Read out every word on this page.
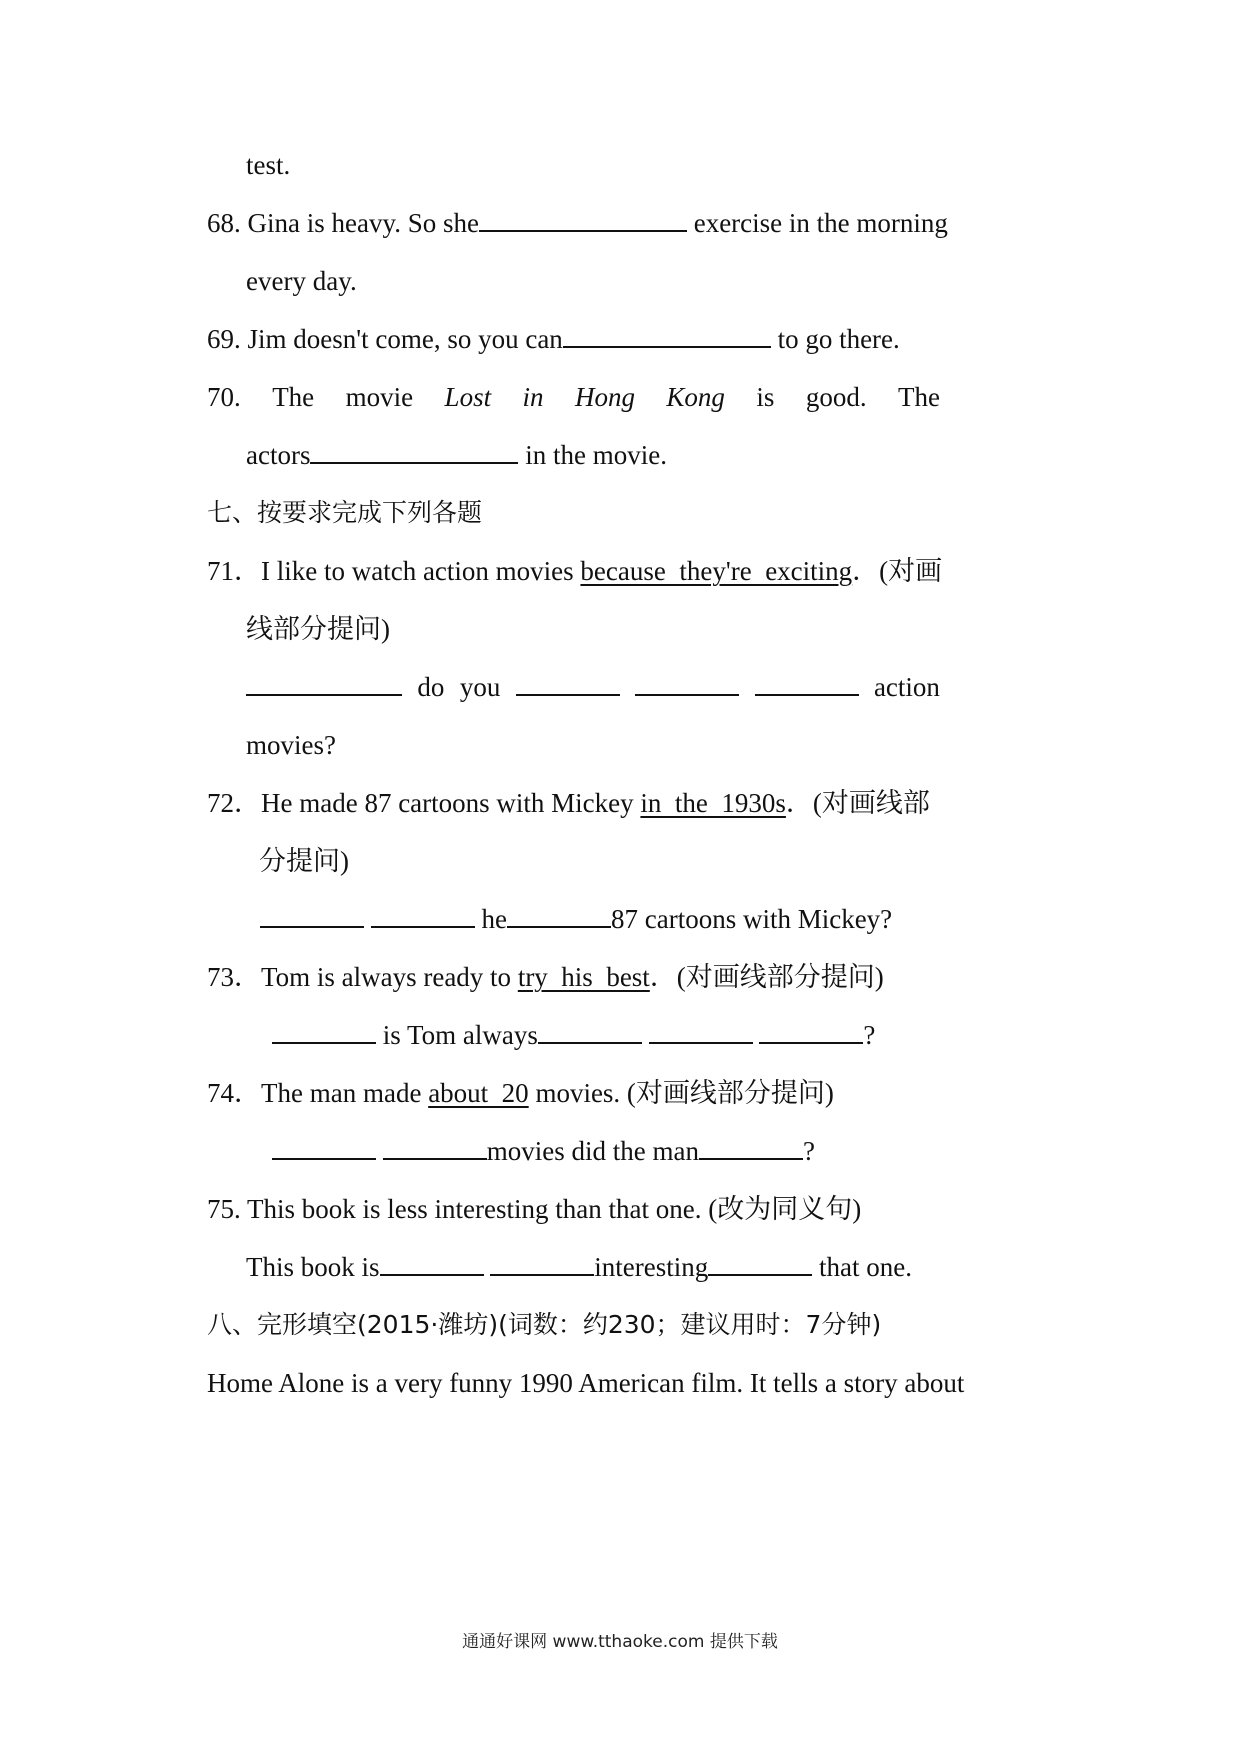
test.
68. Gina is heavy. So she	exercise in the morning
every day.
69. Jim doesn't come, so you can	to go there.
70. The movie Lost in Hong Kong is good. The
actors	in the movie.
七、按要求完成下列各题
71．I like to watch action movies because  they're  exciting．(对画
线部分提问)
do you	action
movies?
72．He made 87 cartoons with Mickey in  the  1930s．(对画线部
分提问)
he	87 cartoons with Mickey?
73．Tom is always ready to try  his  best．(对画线部分提问)
is Tom always	?
74．The man made about  20 movies. (对画线部分提问)
movies did the man	?
75. This book is less interesting than that one. (改为同义句)
This book is	interesting	that one.
八、完形填空(2015·潍坊)(词数：约230；建议用时：7分钟)
Home Alone is a very funny 1990 American film. It tells a story about
通通好课网 www.tthaoke.com 提供下载
